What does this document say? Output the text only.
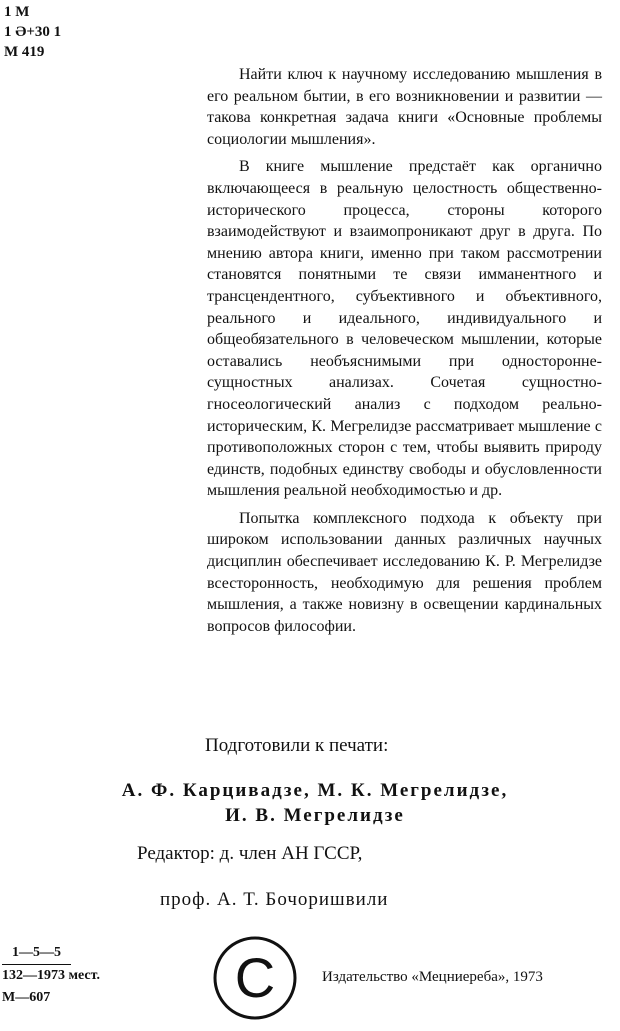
1 М
1 Ә+30 1
М 419

Найти ключ к научному исследованию мышления в его реальном бытии, в его возникновении и развитии — такова конкретная задача книги «Основные проблемы социологии мышления».

В книге мышление предстаёт как органично включающееся в реальную целостность общественно-исторического процесса, стороны которого взаимодействуют и взаимопроникают друг в друга. По мнению автора книги, именно при таком рассмотрении становятся понятными те связи имманентного и трансцендентного, субъективного и объективного, реального и идеального, индивидуального и общеобязательного в человеческом мышлении, которые оставались необъяснимыми при односторонне-сущностных анализах. Сочетая сущностно-гносеологический анализ с подходом реально-историческим, К. Мегрелидзе рассматривает мышление с противоположных сторон с тем, чтобы выявить природу единств, подобных единству свободы и обусловленности мышления реальной необходимостью и др.

Попытка комплексного подхода к объекту при широком использовании данных различных научных дисциплин обеспечивает исследованию К. Р. Мегрелидзе всесторонность, необходимую для решения проблем мышления, а также новизну в освещении кардинальных вопросов философии.

Подготовили к печати:
А. Ф. Карцивадзе, М. К. Мегрелидзе,
И. В. Мегрелидзе
Редактор: д. член АН ГССР,
проф. А. Т. Бочоришвили
1—5—5
132—1973 мест.
М—607	C	Издательство «Мецниереба», 1973
